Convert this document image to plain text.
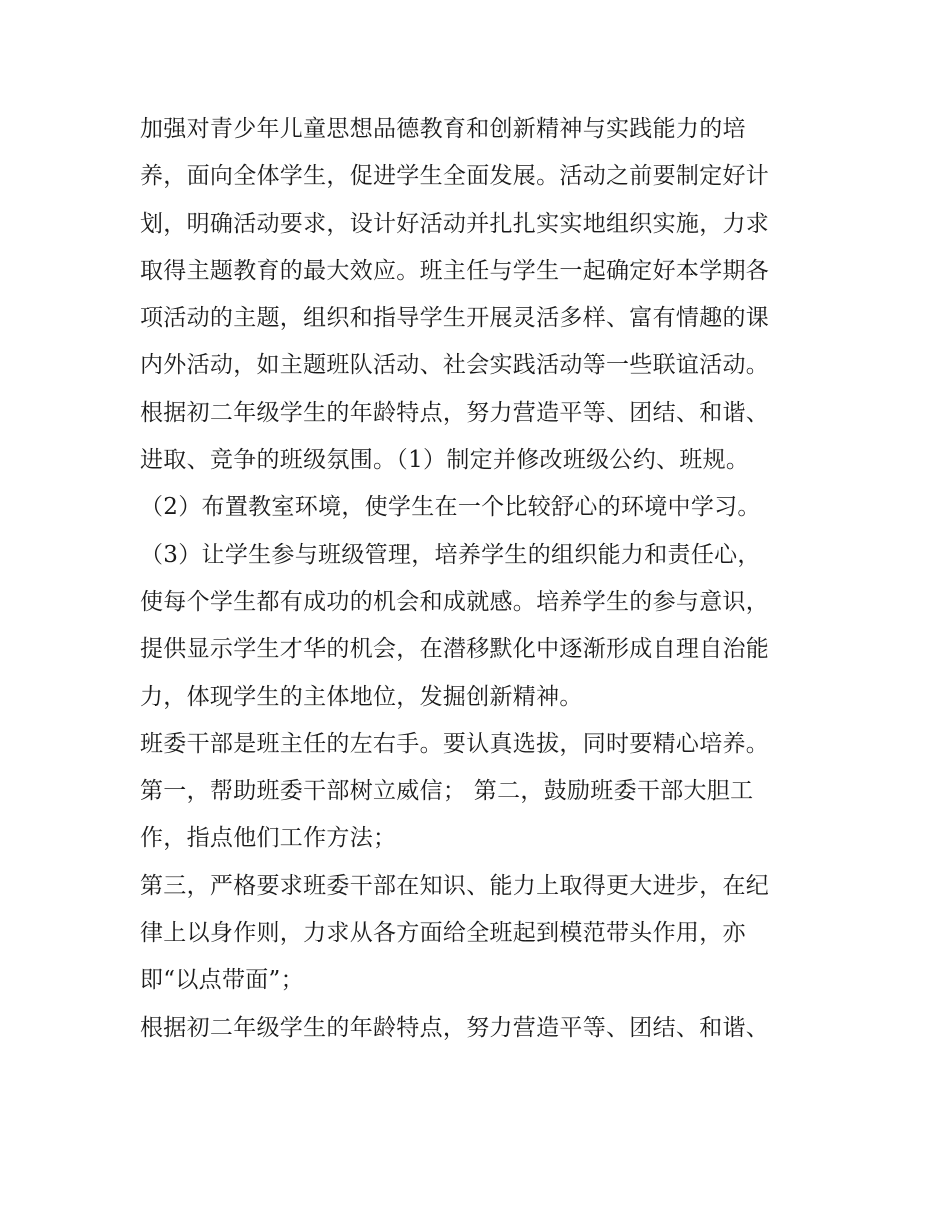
加强对青少年儿童思想品德教育和创新精神与实践能力的培
养，面向全体学生，促进学生全面发展。活动之前要制定好计
划，明确活动要求，设计好活动并扎扎实实地组织实施，力求
取得主题教育的最大效应。班主任与学生一起确定好本学期各
项活动的主题，组织和指导学生开展灵活多样、富有情趣的课
内外活动，如主题班队活动、社会实践活动等一些联谊活动。
根据初二年级学生的年龄特点，努力营造平等、团结、和谐、
进取、竞争的班级氛围。（1）制定并修改班级公约、班规。
（2）布置教室环境，使学生在一个比较舒心的环境中学习。
（3）让学生参与班级管理，培养学生的组织能力和责任心，
使每个学生都有成功的机会和成就感。培养学生的参与意识，
提供显示学生才华的机会，在潜移默化中逐渐形成自理自治能
力，体现学生的主体地位，发掘创新精神。
班委干部是班主任的左右手。要认真选拔，同时要精心培养。
第一，帮助班委干部树立威信； 第二，鼓励班委干部大胆工
作，指点他们工作方法；
第三，严格要求班委干部在知识、能力上取得更大进步，在纪
律上以身作则，力求从各方面给全班起到模范带头作用，亦
即“以点带面”；
根据初二年级学生的年龄特点，努力营造平等、团结、和谐、
